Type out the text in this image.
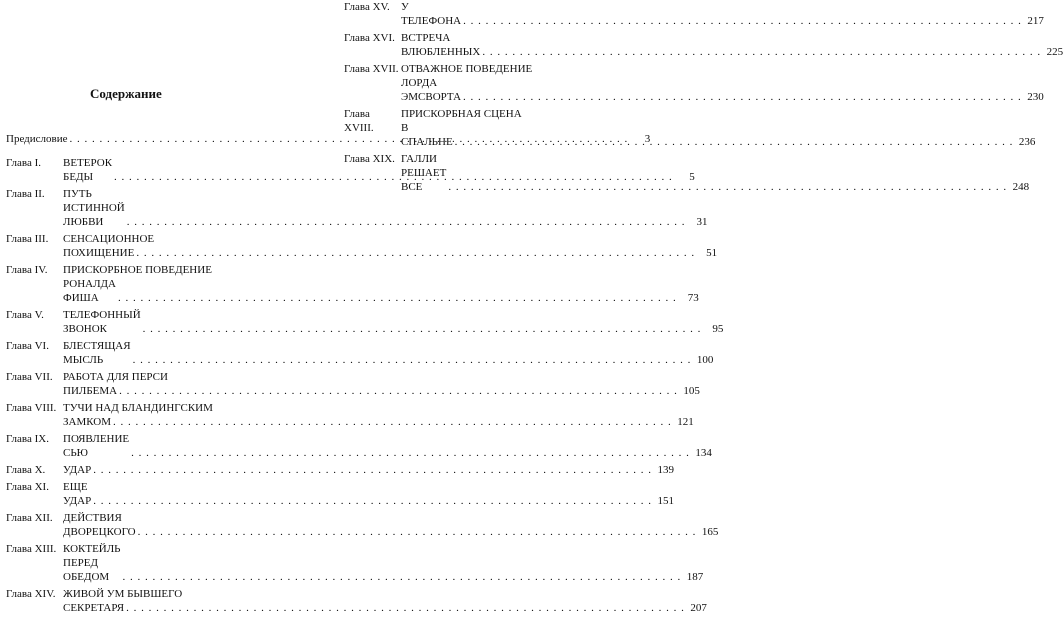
Содержание
Глава XV.	У ТЕЛЕФОНА . . .	217
Глава XVI. ВСТРЕЧА ВЛЮБЛЕННЫХ . . .	225
Глава XVII. ОТВАЖНОЕ ПОВЕДЕНИЕ
ЛОРДА ЭМСВОРТА . . .	230
Глава XVIII.
ПРИСКОРБНАЯ СЦЕНА
В СПАЛЬНЕ . . .	236
Глава XIX. ГАЛЛИ РЕШАЕТ ВСЕ . . .	248
Предисловие . . .	3
Глава I.	ВЕТЕРОК БЕДЫ . . .	5
Глава II.	ПУТЬ ИСТИННОЙ ЛЮБВИ . . .	31
Глава III.	СЕНСАЦИОННОЕ
ПОХИЩЕНИЕ . . .	51
Глава IV.	ПРИСКОРБНОЕ ПОВЕДЕНИЕ
РОНАЛДА ФИША . . .	73
Глава V.	ТЕЛЕФОННЫЙ ЗВОНОК . . .	95
Глава VI.	БЛЕСТЯЩАЯ МЫСЛЬ . . .	100
Глава VII. РАБОТА ДЛЯ ПЕРСИ
ПИЛБЕМА . . .	105
Глава VIII. ТУЧИ НАД БЛАНДИНГСКИМ
ЗАМКОМ . . .	121
Глава IX.	ПОЯВЛЕНИЕ СЬЮ . . .	134
Глава X.	УДАР . . .	139
Глава XI.	ЕЩЕ УДАР . . .	151
Глава XII. ДЕЙСТВИЯ ДВОРЕЦКОГО . . .	165
Глава XIII. КОКТЕЙЛЬ ПЕРЕД ОБЕДОМ . . .	187
Глава XIV. ЖИВОЙ УМ БЫВШЕГО
СЕКРЕТАРЯ . . .	207
